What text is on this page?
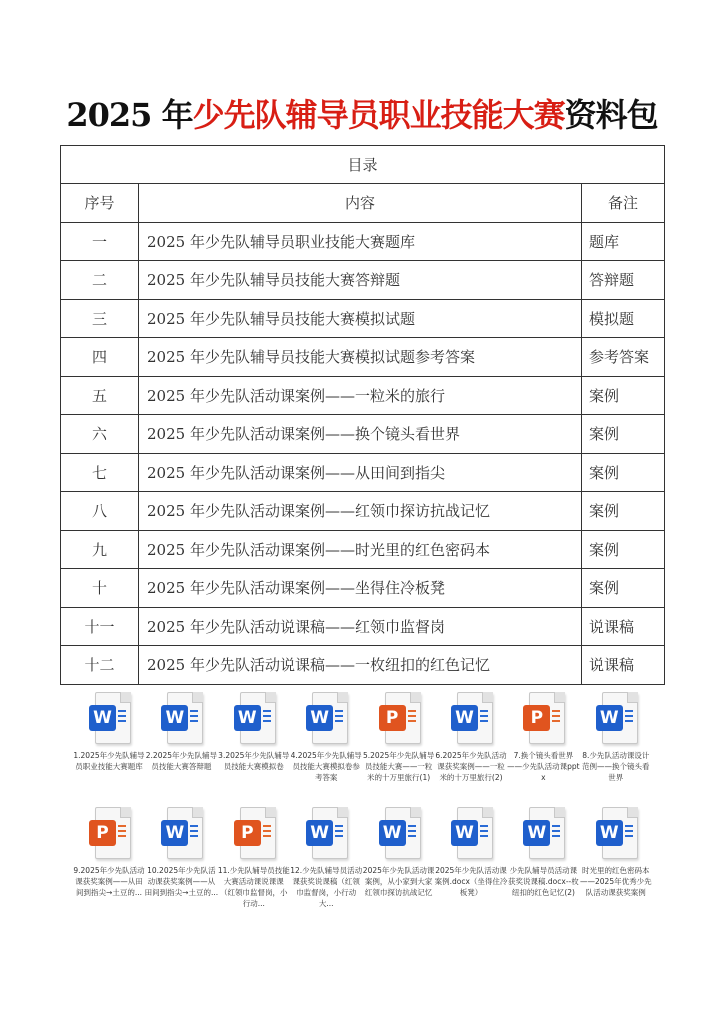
2025 年少先队辅导员职业技能大赛资料包
目录		
序号	内容	备注
一	2025 年少先队辅导员职业技能大赛题库	题库
二	2025 年少先队辅导员技能大赛答辩题	答辩题
三	2025 年少先队辅导员技能大赛模拟试题	模拟题
四	2025 年少先队辅导员技能大赛模拟试题参考答案	参考答案
五	2025 年少先队活动课案例——一粒米的旅行	案例
六	2025 年少先队活动课案例——换个镜头看世界	案例
七	2025 年少先队活动课案例——从田间到指尖	案例
八	2025 年少先队活动课案例——红领巾探访抗战记忆	案例
九	2025 年少先队活动课案例——时光里的红色密码本	案例
十	2025 年少先队活动课案例——坐得住冷板凳	案例
十一	2025 年少先队活动说课稿——红领巾监督岗	说课稿
十二	2025 年少先队活动说课稿——一枚纽扣的红色记忆	说课稿
W
1.2025年少先队辅导员职业技能大赛题库
W
2.2025年少先队辅导员技能大赛答辩题
W
3.2025年少先队辅导员技能大赛模拟卷
W
4.2025年少先队辅导员技能大赛模拟卷参考答案
P
5.2025年少先队辅导员技能大赛——一粒米的十万里旅行(1)
W
6.2025年少先队活动课获奖案例——一粒米的十万里旅行(2)
P
7.换个镜头看世界——少先队活动课pptx
W
8.少先队活动课设计范例——换个镜头看世界
P
9.2025年少先队活动课获奖案例——从田间到指尖→土豆的...
W
10.2025年少先队活动课获奖案例——从田间到指尖→土豆的...
P
11.少先队辅导员技能大赛活动课说课课（红领巾监督岗，小行动...
W
12.少先队辅导员活动课获奖说课稿（红领巾监督岗，小行动大...
W
2025年少先队活动课案例，从小家到大家红领巾探访抗战记忆
W
2025年少先队活动课案例.docx（坐得住冷板凳）
W
少先队辅导员活动课获奖说课稿.docx--枚纽扣的红色记忆(2)
W
时光里的红色密码本——2025年优秀少先队活动课获奖案例
